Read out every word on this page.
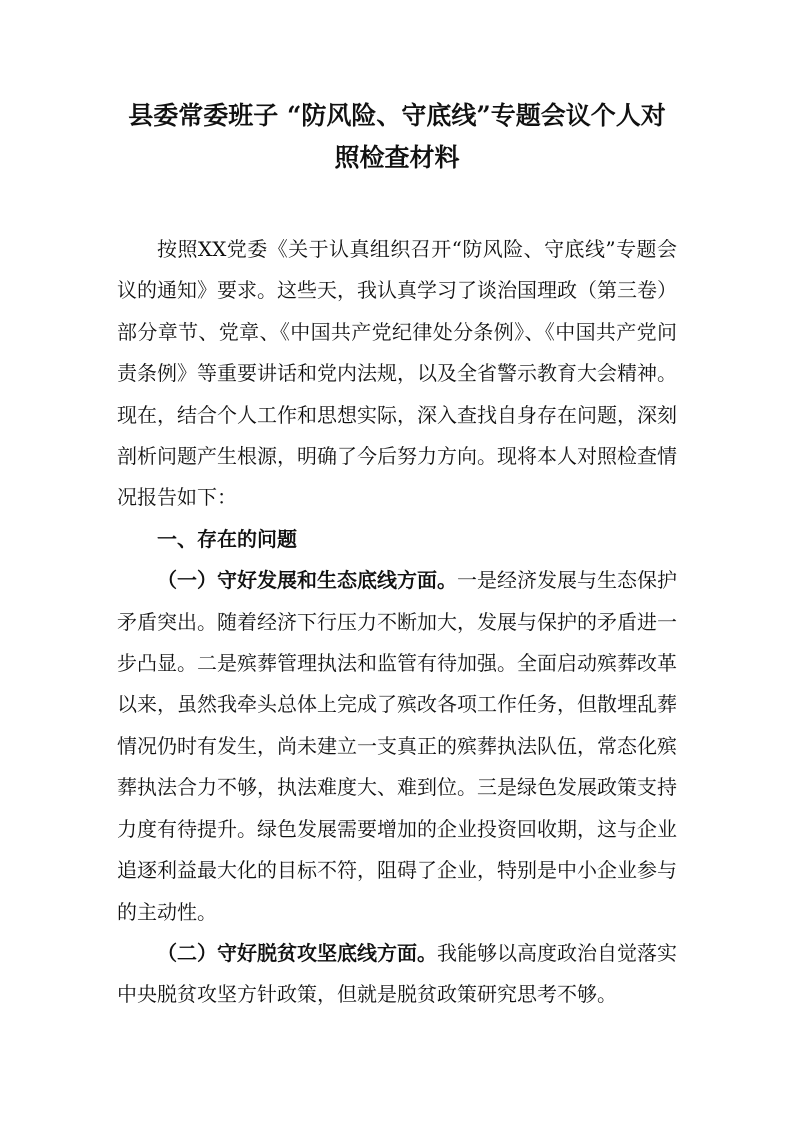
县委常委班子 “防风险、守底线”专题会议个人对
照检查材料

按照XX党委《关于认真组织召开“防风险、守底线”专题会议的通知》要求。这些天，我认真学习了谈治国理政（第三卷）部分章节、党章、《中国共产党纪律处分条例》、《中国共产党问责条例》等重要讲话和党内法规，以及全省警示教育大会精神。现在，结合个人工作和思想实际，深入查找自身存在问题，深刻剖析问题产生根源，明确了今后努力方向。现将本人对照检查情况报告如下：

一、存在的问题

（一）守好发展和生态底线方面。一是经济发展与生态保护矛盾突出。随着经济下行压力不断加大，发展与保护的矛盾进一步凸显。二是殡葬管理执法和监管有待加强。全面启动殡葬改革以来，虽然我牵头总体上完成了殡改各项工作任务，但散埋乱葬情况仍时有发生，尚未建立一支真正的殡葬执法队伍，常态化殡葬执法合力不够，执法难度大、难到位。三是绿色发展政策支持力度有待提升。绿色发展需要增加的企业投资回收期，这与企业追逐利益最大化的目标不符，阻碍了企业，特别是中小企业参与的主动性。

（二）守好脱贫攻坚底线方面。我能够以高度政治自觉落实中央脱贫攻坚方针政策，但就是脱贫政策研究思考不够。
